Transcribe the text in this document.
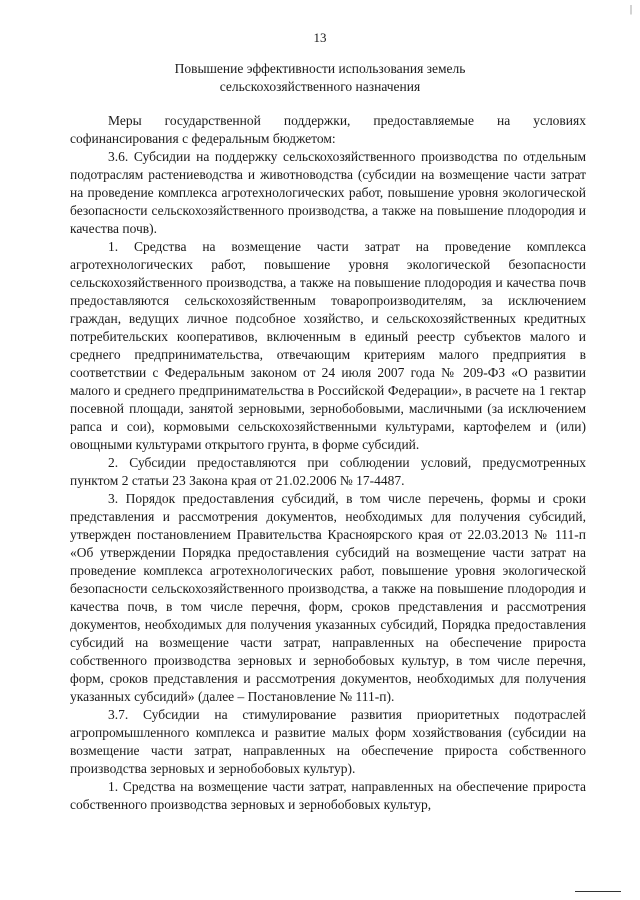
|
13
Повышение эффективности использования земель
сельскохозяйственного назначения

Меры государственной поддержки, предоставляемые на условиях софинансирования с федеральным бюджетом:

3.6. Субсидии на поддержку сельскохозяйственного производства по отдельным подотраслям растениеводства и животноводства (субсидии на возмещение части затрат на проведение комплекса агротехнологических работ, повышение уровня экологической безопасности сельскохозяйственного производства, а также на повышение плодородия и качества почв).

1. Средства на возмещение части затрат на проведение комплекса агротехнологических работ, повышение уровня экологической безопасности сельскохозяйственного производства, а также на повышение плодородия и качества почв предоставляются сельскохозяйственным товаропроизводителям, за исключением граждан, ведущих личное подсобное хозяйство, и сельскохозяйственных кредитных потребительских кооперативов, включенным в единый реестр субъектов малого и среднего предпринимательства, отвечающим критериям малого предприятия в соответствии с Федеральным законом от 24 июля 2007 года № 209-ФЗ «О развитии малого и среднего предпринимательства в Российской Федерации», в расчете на 1 гектар посевной площади, занятой зерновыми, зернобобовыми, масличными (за исключением рапса и сои), кормовыми сельскохозяйственными культурами, картофелем и (или) овощными культурами открытого грунта, в форме субсидий.

2. Субсидии предоставляются при соблюдении условий, предусмотренных пунктом 2 статьи 23 Закона края от 21.02.2006 № 17-4487.

3. Порядок предоставления субсидий, в том числе перечень, формы и сроки представления и рассмотрения документов, необходимых для получения субсидий, утвержден постановлением Правительства Красноярского края от 22.03.2013 № 111-п «Об утверждении Порядка предоставления субсидий на возмещение части затрат на проведение комплекса агротехнологических работ, повышение уровня экологической безопасности сельскохозяйственного производства, а также на повышение плодородия и качества почв, в том числе перечня, форм, сроков представления и рассмотрения документов, необходимых для получения указанных субсидий, Порядка предоставления субсидий на возмещение части затрат, направленных на обеспечение прироста собственного производства зерновых и зернобобовых культур, в том числе перечня, форм, сроков представления и рассмотрения документов, необходимых для получения указанных субсидий» (далее – Постановление № 111-п).

3.7. Субсидии на стимулирование развития приоритетных подотраслей агропромышленного комплекса и развитие малых форм хозяйствования (субсидии на возмещение части затрат, направленных на обеспечение прироста собственного производства зерновых и зернобобовых культур).

1. Средства на возмещение части затрат, направленных на обеспечение прироста собственного производства зерновых и зернобобовых культур,
